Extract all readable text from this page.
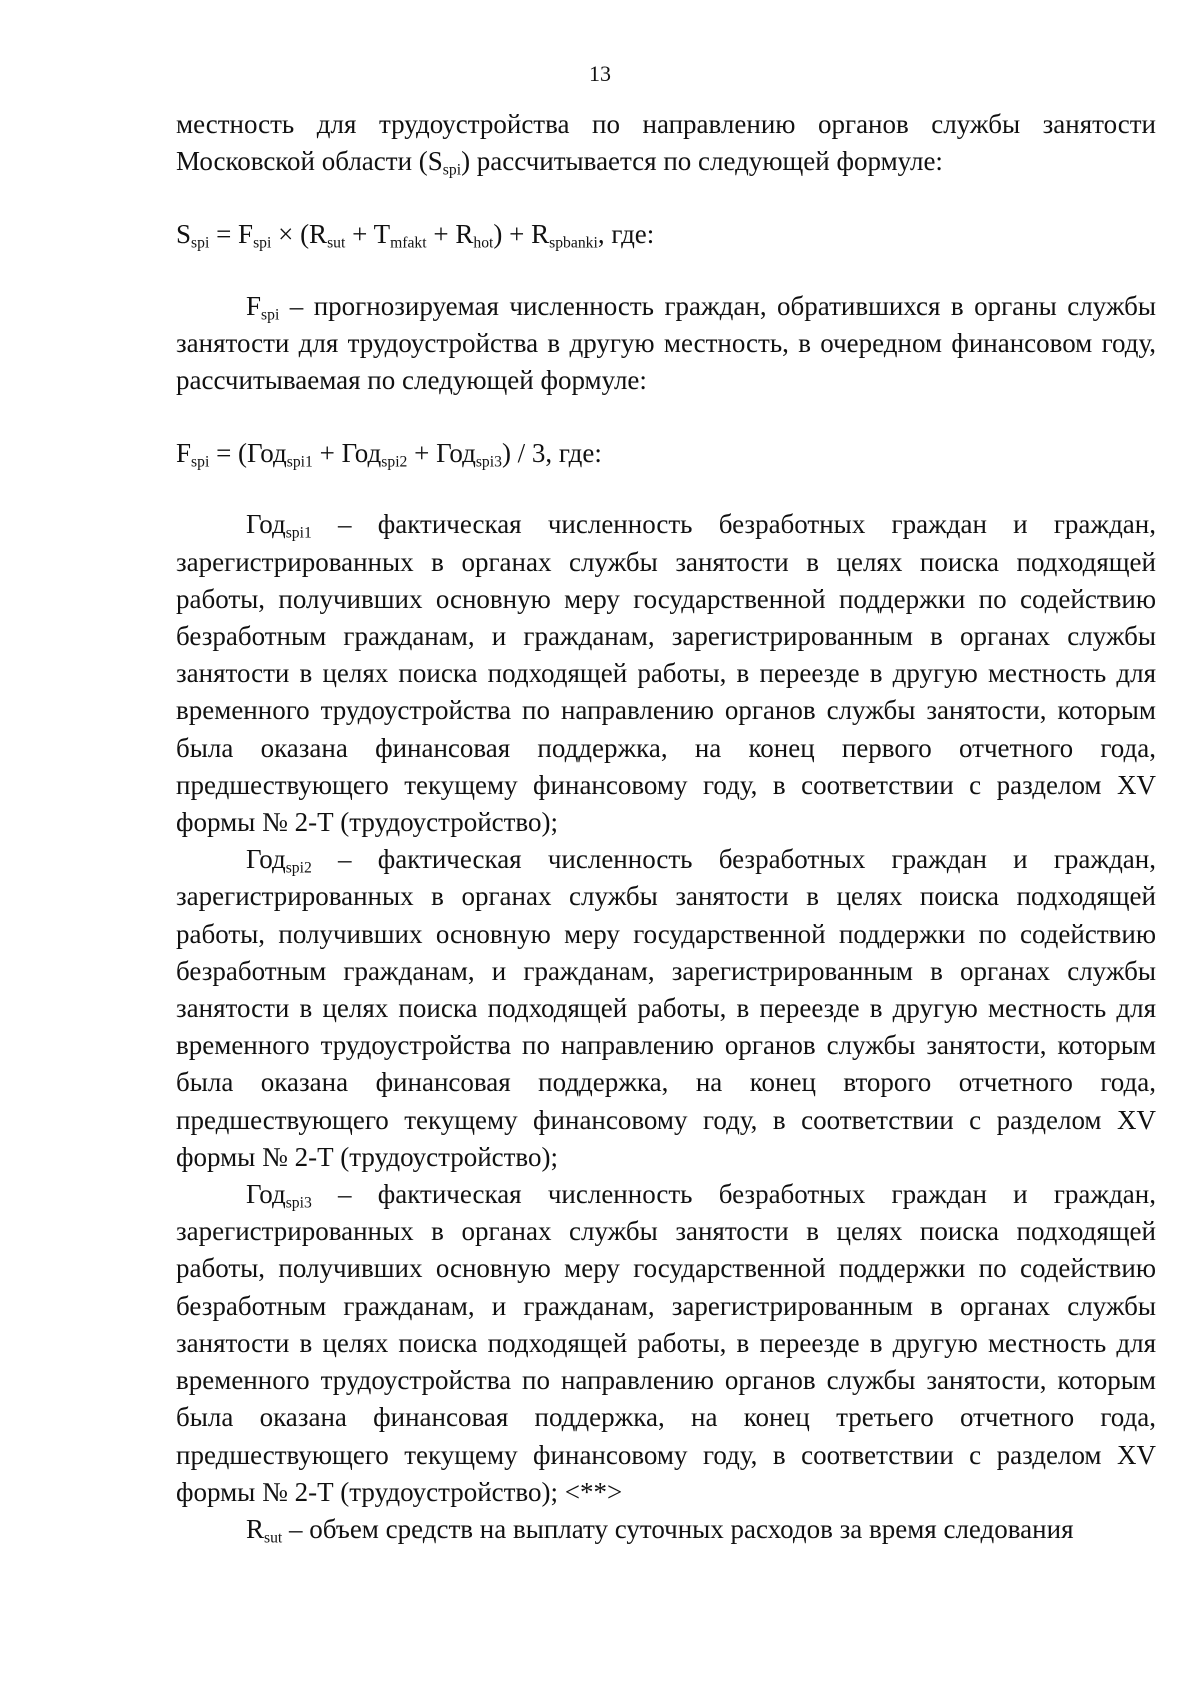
13

местность для трудоустройства по направлению органов службы занятости Московской области $(S_{spi})$ рассчитывается по следующей формуле:

$S_{spi} = F_{spi} \times (R_{sut} + T_{mfakt} + R_{hot}) + R_{spbanki}$, где:

$F_{spi}$ – прогнозируемая численность граждан, обратившихся в органы службы занятости для трудоустройства в другую местность, в очередном финансовом году, рассчитываемая по следующей формуле:

$F_{spi} = (Год_{spi1} + Год_{spi2} + Год_{spi3}) / 3$, где:

Год$_{spi1}$ – фактическая численность безработных граждан и граждан, зарегистрированных в органах службы занятости в целях поиска подходящей работы, получивших основную меру государственной поддержки по содействию безработным гражданам, и гражданам, зарегистрированным в органах службы занятости в целях поиска подходящей работы, в переезде в другую местность для временного трудоустройства по направлению органов службы занятости, которым была оказана финансовая поддержка, на конец первого отчетного года, предшествующего текущему финансовому году, в соответствии с разделом XV формы № 2-Т (трудоустройство);

Год$_{spi2}$ – фактическая численность безработных граждан и граждан, зарегистрированных в органах службы занятости в целях поиска подходящей работы, получивших основную меру государственной поддержки по содействию безработным гражданам, и гражданам, зарегистрированным в органах службы занятости в целях поиска подходящей работы, в переезде в другую местность для временного трудоустройства по направлению органов службы занятости, которым была оказана финансовая поддержка, на конец второго отчетного года, предшествующего текущему финансовому году, в соответствии с разделом XV формы № 2-Т (трудоустройство);

Год$_{spi3}$ – фактическая численность безработных граждан и граждан, зарегистрированных в органах службы занятости в целях поиска подходящей работы, получивших основную меру государственной поддержки по содействию безработным гражданам, и гражданам, зарегистрированным в органах службы занятости в целях поиска подходящей работы, в переезде в другую местность для временного трудоустройства по направлению органов службы занятости, которым была оказана финансовая поддержка, на конец третьего отчетного года, предшествующего текущему финансовому году, в соответствии с разделом XV формы № 2-Т (трудоустройство); <**>

$R_{sut}$ – объем средств на выплату суточных расходов за время следования
